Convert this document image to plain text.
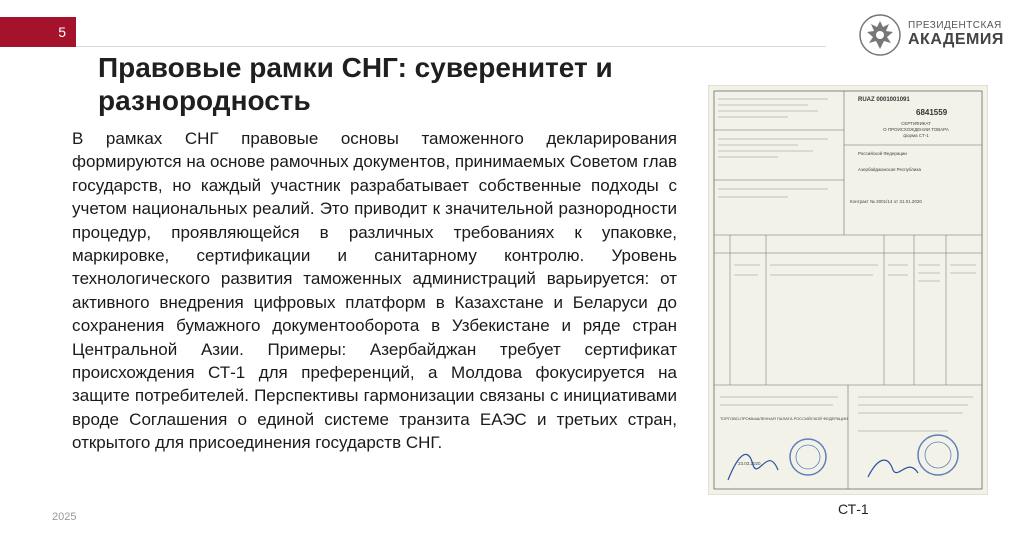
5	ПРЕЗИДЕНТСКАЯ
АКАДЕМИЯ
Правовые рамки СНГ: суверенитет и разнородность
В рамках СНГ правовые основы таможенного декларирования формируются на основе рамочных документов, принимаемых Советом глав государств, но каждый участник разрабатывает собственные подходы с учетом национальных реалий. Это приводит к значительной разнородности процедур, проявляющейся в различных требованиях к упаковке, маркировке, сертификации и санитарному контролю. Уровень технологического развития таможенных администраций варьируется: от активного внедрения цифровых платформ в Казахстане и Беларуси до сохранения бумажного документооборота в Узбекистане и ряде стран Центральной Азии. Примеры: Азербайджан требует сертификат происхождения СТ-1 для преференций, а Молдова фокусируется на защите потребителей. Перспективы гармонизации связаны с инициативами вроде Соглашения о единой системе транзита ЕАЭС и третьих стран, открытого для присоединения государств СНГ.
2025
RUAZ 0001001091
6841559
СЕРТИФИКАТ
О ПРОИСХОЖДЕНИИ ТОВАРА
форма СТ-1
Российской Федерации
Азербайджанская Республика
Контракт № 2001/14 от 31.01.2020
ТОРГОВО-ПРОМЫШЛЕННАЯ ПАЛАТА РОССИЙСКОЙ ФЕДЕРАЦИИ
23.03.2020
СТ-1
